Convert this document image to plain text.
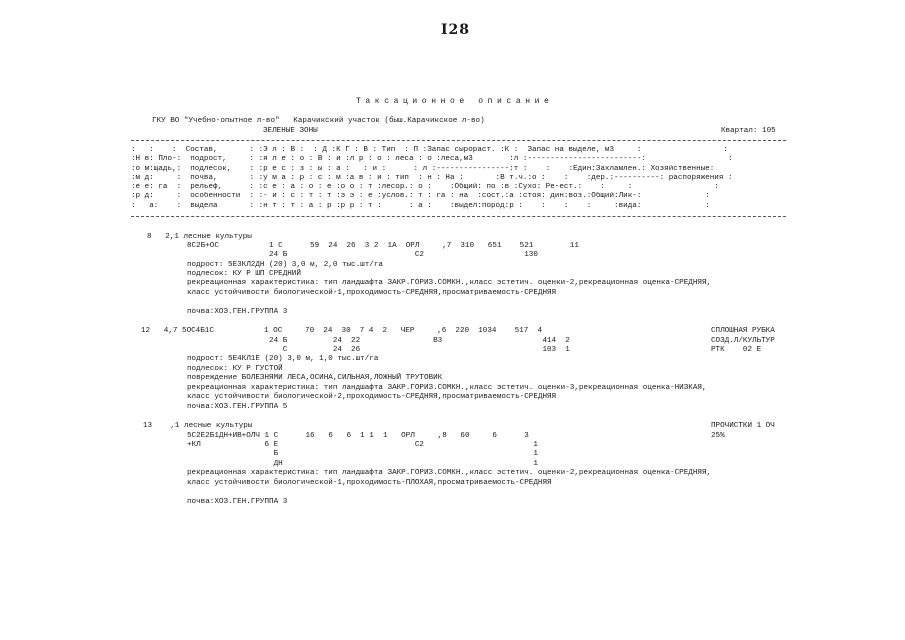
I28
Таксационное описание
ГКУ ВО "Учебно-опытное л-во"   Карачикский участок (быш.Карачикское л-во)
ЗЕЛЕНЫЕ ЗОНЫ	Квартал: 105
:   :    :  Состав,       : :Э л : В :  : Д :К Г : В : Тип  : П :Запас сырораст. :К :  Запас на выделе, м3     :                  :
:Н в: Пло-:  подрост,     : :я л е : о : В : и :л р : о : леса : о :леса,м3        :л :-------------------------:                  :
:о м:щадь,:  подлесок,    : :р е с : з : ы : а :   : и :      : л :----------------:т :    :    :Един:Захламлен.: Хозяйственные:
:м д:     :  почва,       : :у м а : р : с : м :а в : и : тип  : н : На :       :В т.ч.:о :    :    :дер.:----------: распоряжения :
:е е: га  :  рельеф,      : :с е : а : о : е :о о : т :лесор.: о :    :Общий: по :в :Сухо: Ре-ест.:    :     :                  :
:р д:     :  особенности  : :- и : с : т : т :э э : е :услов.: т : га : на  :сост.:а :стоя: дин:воз.:Общий:Лик-:              :
:   а:    :  выдела       : :н т : т : а : р :р р : т :      : а :    :выдел:пород:р :    :    :    :     :вида:              :
8   2,1 лесные культуры
8С2Б+ОС           1 С      59  24  26  3 2  1А  ОРЛ     ,7  310   651    521        11
24 Б                            С2                      130
подрост: 5Е3КЛ2ДН (20) 3,0 м, 2,0 тыс.шт/га
подлесок: КУ Р ШП СРЕДНИЙ
рекреационная характеристика: тип ландшафта ЗАКР.ГОРИЗ.СОМКН.,класс эстетич. оценки-2,рекреационная оценка-СРЕДНЯЯ,
класс устойчивости биологической-1,проходимость-СРЕДНЯЯ,просматриваемость-СРЕДНЯЯ
почва:ХОЗ.ГЕН.ГРУППА 3
12   4,7 5ОС4Б1С           1 ОС     70  24  30  7 4  2   ЧЕР     ,6  220  1034    517  4
24 Б          24  22                В3                      414  2
С          24  26                                        103  1
подрост: 5Е4КЛ1Е (20) 3,0 м, 1,0 тыс.шт/га
подлесок: КУ Р ГУСТОЙ
повреждение БОЛЕЗНЯМИ ЛЕСА,ОСИНА,СИЛЬНАЯ,ЛОЖНЫЙ ТРУТОВИК
рекреационная характеристика: тип ландшафта ЗАКР.ГОРИЗ.СОМКН.,класс эстетич. оценки-3,рекреационная оценка-НИЗКАЯ,
класс устойчивости биологической-2,проходимость-СРЕДНЯЯ,просматриваемость-СРЕДНЯЯ
почва:ХОЗ.ГЕН.ГРУППА 5
13    ,1 лесные культуры
5С2Е2Б1ДН+ИВ+ОЛЧ 1 С      16   6   6  1 1  1   ОРЛ     ,8   60     6      3
+КЛ              6 Е                              С2                        1
Б                                                        1
ДН                                                       1
рекреационная характеристика: тип ландшафта ЗАКР.ГОРИЗ.СОМКН.,класс эстетич. оценки-2,рекреационная оценка-СРЕДНЯЯ,
класс устойчивости биологической-1,проходимость-ПЛОХАЯ,просматриваемость-СРЕДНЯЯ
почва:ХОЗ.ГЕН.ГРУППА 3
СПЛОШНАЯ РУБКА
СОЗД.Л/КУЛЬТУР
РТК    02 Е
ПРОЧИСТКИ 1 ОЧ
25%
